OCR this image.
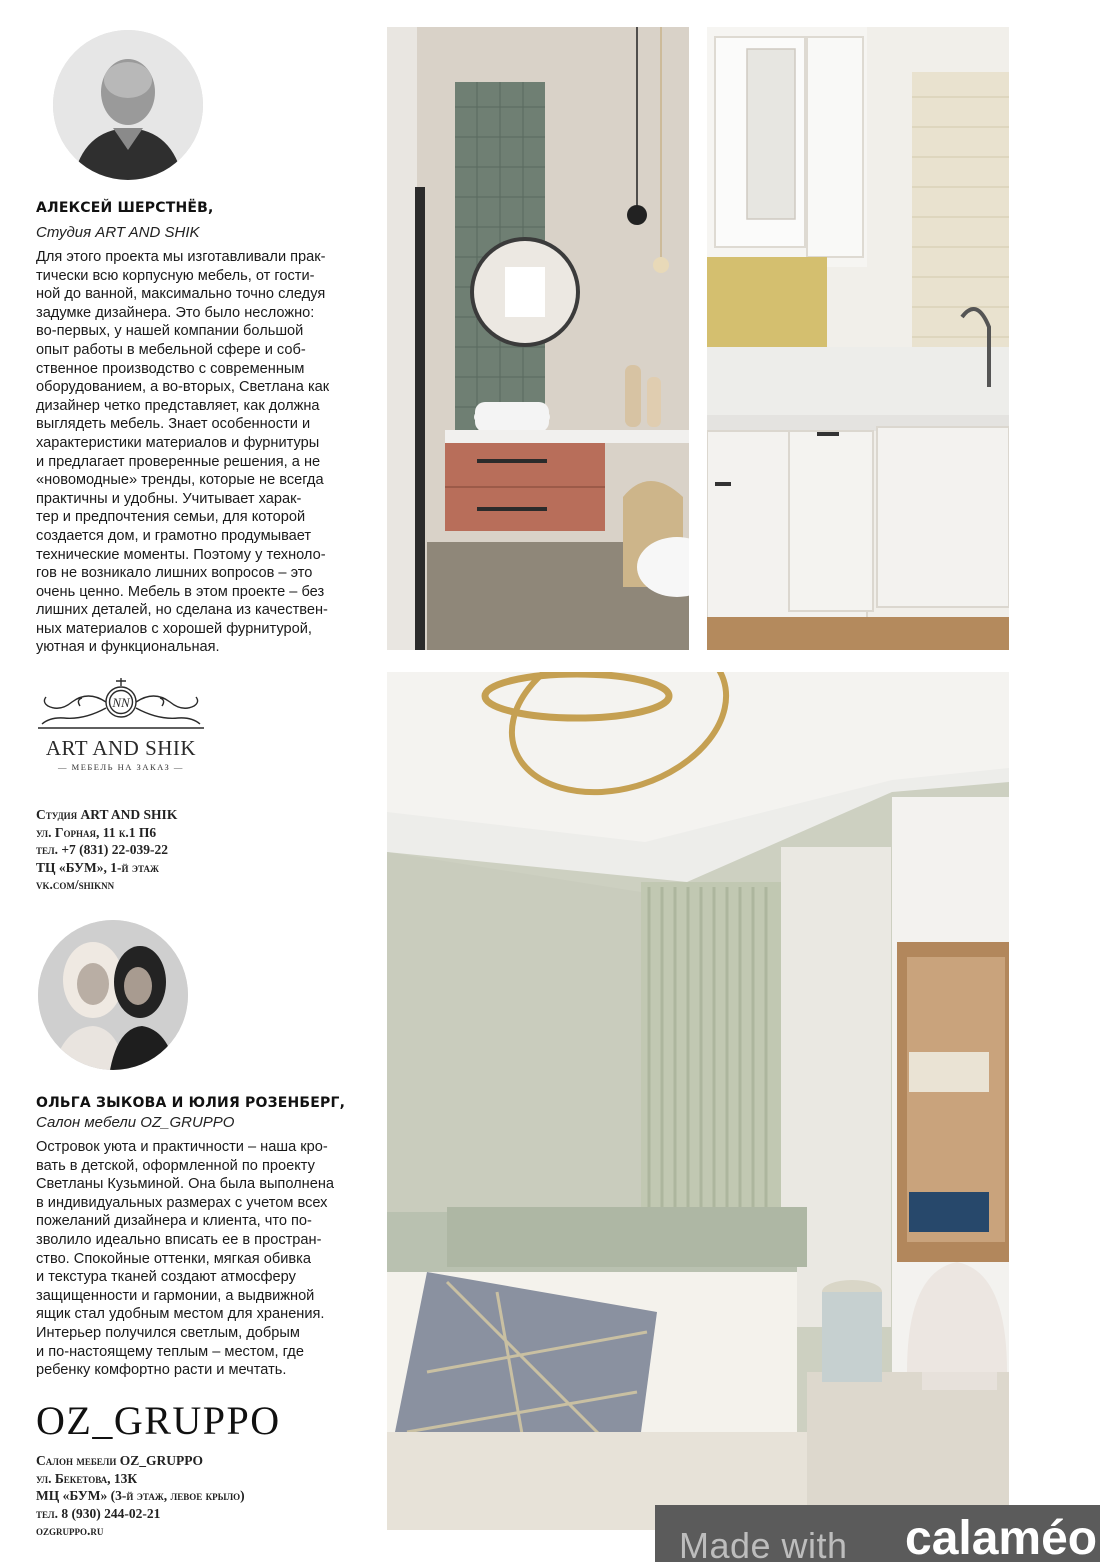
АЛЕКСЕЙ ШЕРСТНЁВ,
Студия ART AND SHIK
Для этого проекта мы изготавливали прак-
тически всю корпусную мебель, от гости-
ной до ванной, максимально точно следуя
задумке дизайнера. Это было несложно:
во-первых, у нашей компании большой
опыт работы в мебельной сфере и соб-
ственное производство с современным
оборудованием, а во-вторых, Светлана как
дизайнер четко представляет, как должна
выглядеть мебель. Знает особенности и
характеристики материалов и фурнитуры
и предлагает проверенные решения, а не
«новомодные» тренды, которые не всегда
практичны и удобны. Учитывает харак-
тер и предпочтения семьи, для которой
создается дом, и грамотно продумывает
технические моменты. Поэтому у техноло-
гов не возникало лишних вопросов – это
очень ценно. Мебель в этом проекте – без
лишних деталей, но сделана из качествен-
ных материалов с хорошей фурнитурой,
уютная и функциональная.
NN
ART AND SHIK
— МЕБЕЛЬ НА ЗАКАЗ —
Студия ART AND SHIK
ул. Горная, 11 к.1 П6
тел. +7 (831) 22-039-22
ТЦ «БУМ», 1-й этаж
vk.com/shiknn
ОЛЬГА ЗЫКОВА И ЮЛИЯ РОЗЕНБЕРГ,
Салон мебели OZ_GRUPPO
Островок уюта и практичности – наша кро-
вать в детской, оформленной по проекту
Светланы Кузьминой. Она была выполнена
в индивидуальных размерах с учетом всех
пожеланий дизайнера и клиента, что по-
зволило идеально вписать ее в простран-
ство. Спокойные оттенки, мягкая обивка
и текстура тканей создают атмосферу
защищенности и гармонии, а выдвижной
ящик стал удобным местом для хранения.
Интерьер получился светлым, добрым
и по-настоящему теплым – местом, где
ребенку комфортно расти и мечтать.
OZ_GRUPPO
Салон мебели OZ_GRUPPO
ул. Бекетова, 13К
МЦ «БУМ» (3-й этаж, левое крыло)
тел. 8 (930) 244-02-21
ozgruppo.ru	Made with calaméo
